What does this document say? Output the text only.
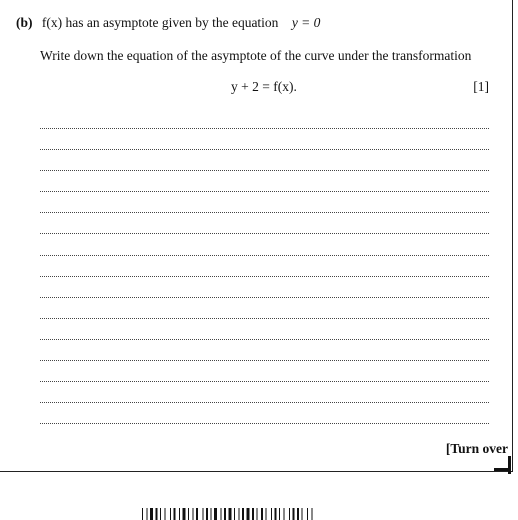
(b) f(x) has an asymptote given by the equation y = 0
Write down the equation of the asymptote of the curve under the transformation
y + 2 = f(x).	[1]
[Turn over
